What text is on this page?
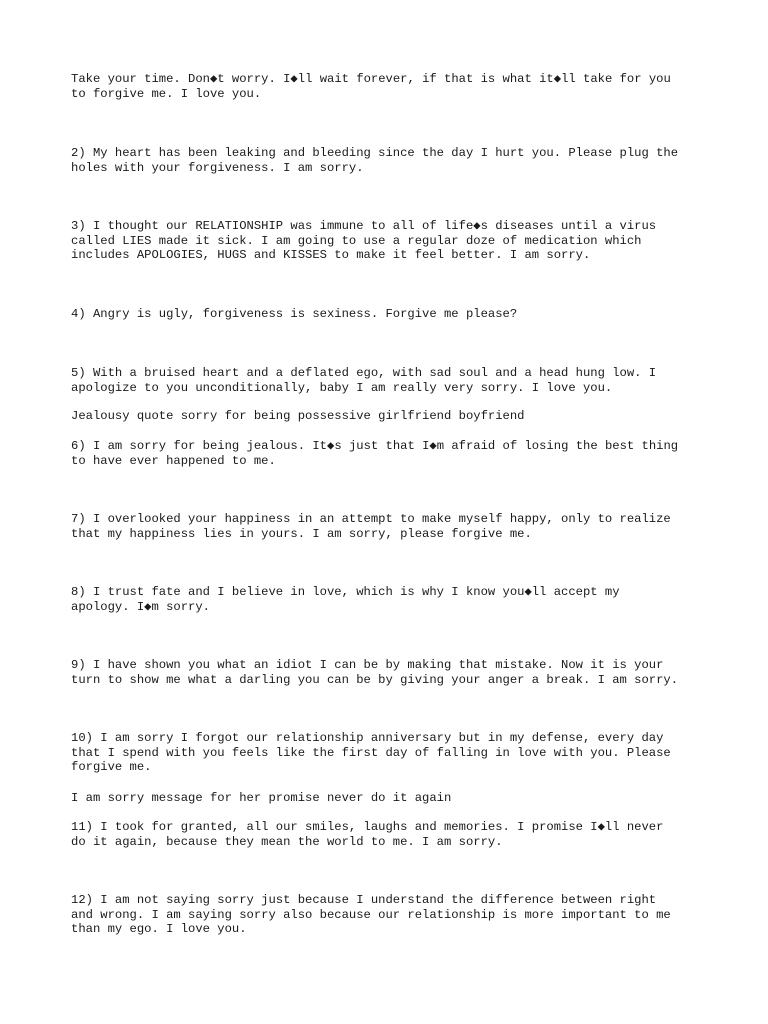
Take your time. Don◆t worry. I◆ll wait forever, if that is what it◆ll take for you
to forgive me. I love you.

2) My heart has been leaking and bleeding since the day I hurt you. Please plug the
holes with your forgiveness. I am sorry.

3) I thought our RELATIONSHIP was immune to all of life◆s diseases until a virus
called LIES made it sick. I am going to use a regular doze of medication which
includes APOLOGIES, HUGS and KISSES to make it feel better. I am sorry.

4) Angry is ugly, forgiveness is sexiness. Forgive me please?

5) With a bruised heart and a deflated ego, with sad soul and a head hung low. I
apologize to you unconditionally, baby I am really very sorry. I love you.

Jealousy quote sorry for being possessive girlfriend boyfriend

6) I am sorry for being jealous. It◆s just that I◆m afraid of losing the best thing
to have ever happened to me.

7) I overlooked your happiness in an attempt to make myself happy, only to realize
that my happiness lies in yours. I am sorry, please forgive me.

8) I trust fate and I believe in love, which is why I know you◆ll accept my
apology. I◆m sorry.

9) I have shown you what an idiot I can be by making that mistake. Now it is your
turn to show me what a darling you can be by giving your anger a break. I am sorry.

10) I am sorry I forgot our relationship anniversary but in my defense, every day
that I spend with you feels like the first day of falling in love with you. Please
forgive me.

I am sorry message for her promise never do it again

11) I took for granted, all our smiles, laughs and memories. I promise I◆ll never
do it again, because they mean the world to me. I am sorry.

12) I am not saying sorry just because I understand the difference between right
and wrong. I am saying sorry also because our relationship is more important to me
than my ego. I love you.
